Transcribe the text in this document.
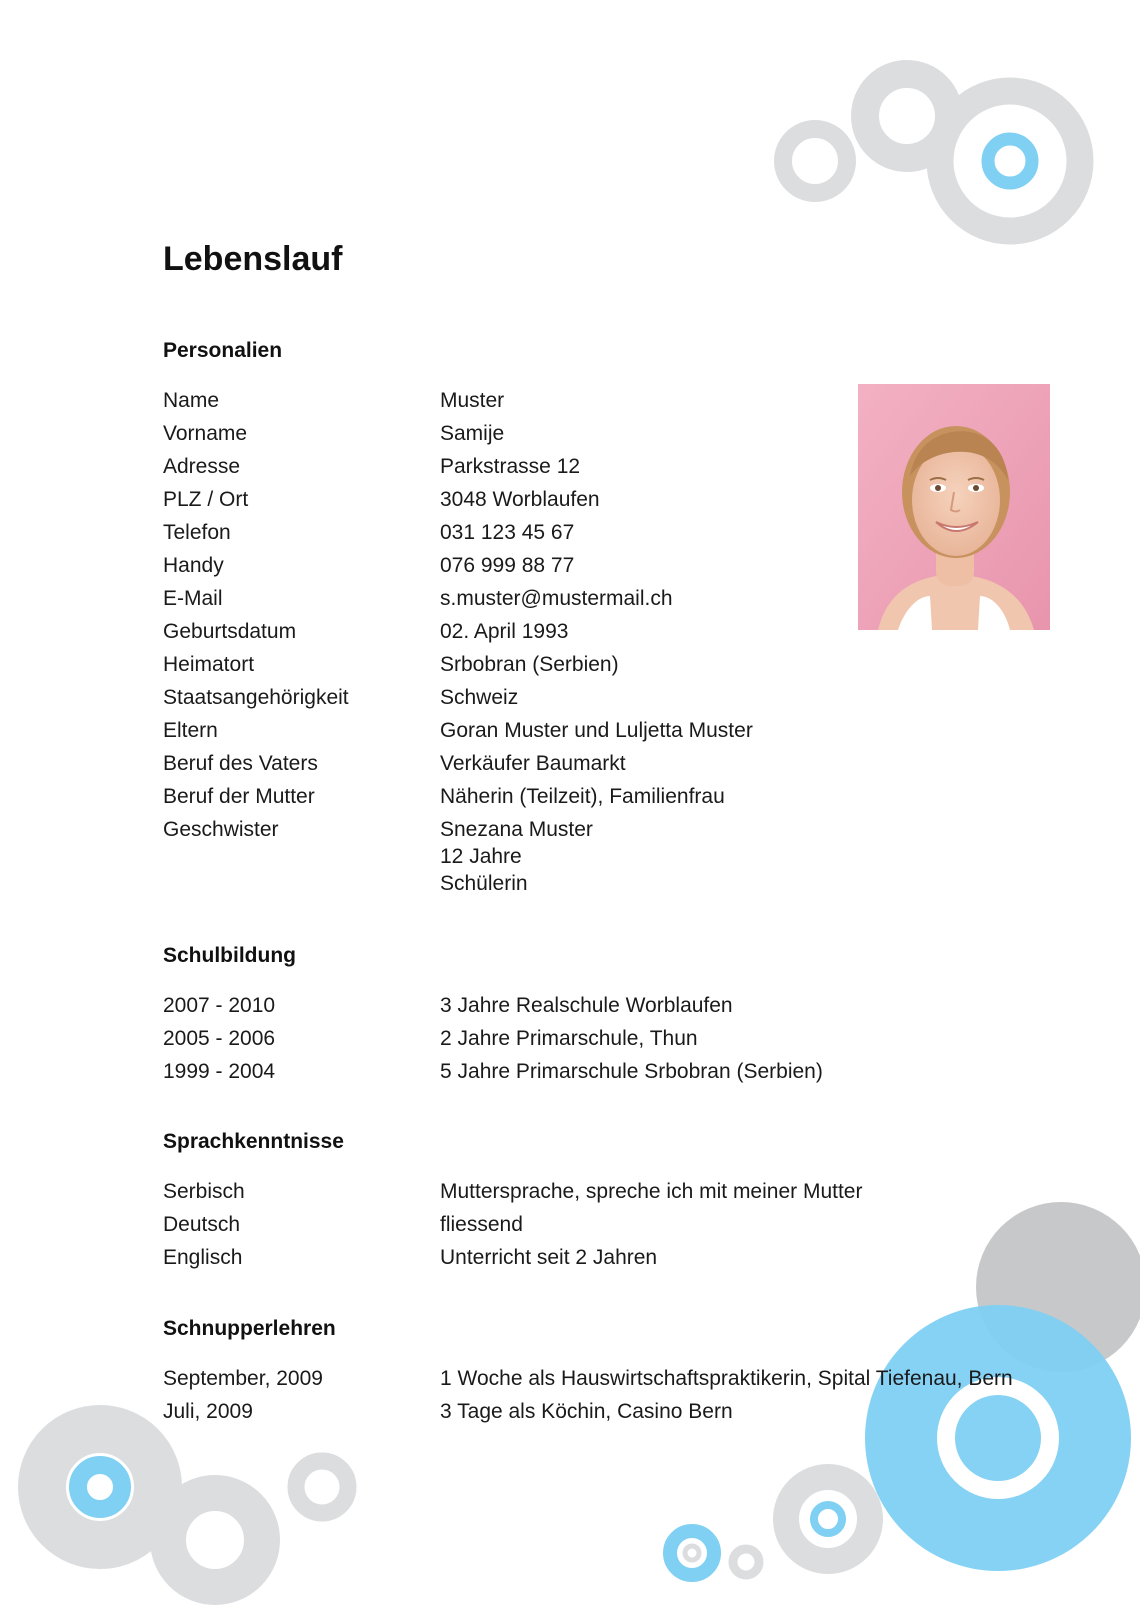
Lebenslauf
Personalien
Name	Muster
Vorname	Samije
Adresse	Parkstrasse 12
PLZ / Ort	3048 Worblaufen
Telefon	031 123 45 67
Handy	076 999 88 77
E-Mail	s.muster@mustermail.ch
Geburtsdatum	02. April 1993
Heimatort	Srbobran (Serbien)
Staatsangehörigkeit	Schweiz
Eltern	Goran Muster und Luljetta Muster
Beruf des Vaters	Verkäufer Baumarkt
Beruf der Mutter	Näherin (Teilzeit), Familienfrau
Geschwister	Snezana Muster
12 Jahre
Schülerin
Schulbildung
2007 - 2010	3 Jahre Realschule Worblaufen
2005 - 2006	2 Jahre Primarschule, Thun
1999 - 2004	5 Jahre Primarschule Srbobran (Serbien)
Sprachkenntnisse
Serbisch	Muttersprache, spreche ich mit meiner Mutter
Deutsch	fliessend
Englisch	Unterricht seit 2 Jahren
Schnupperlehren
September, 2009	1 Woche als Hauswirtschaftspraktikerin, Spital Tiefenau, Bern
Juli, 2009	3 Tage als Köchin, Casino Bern
